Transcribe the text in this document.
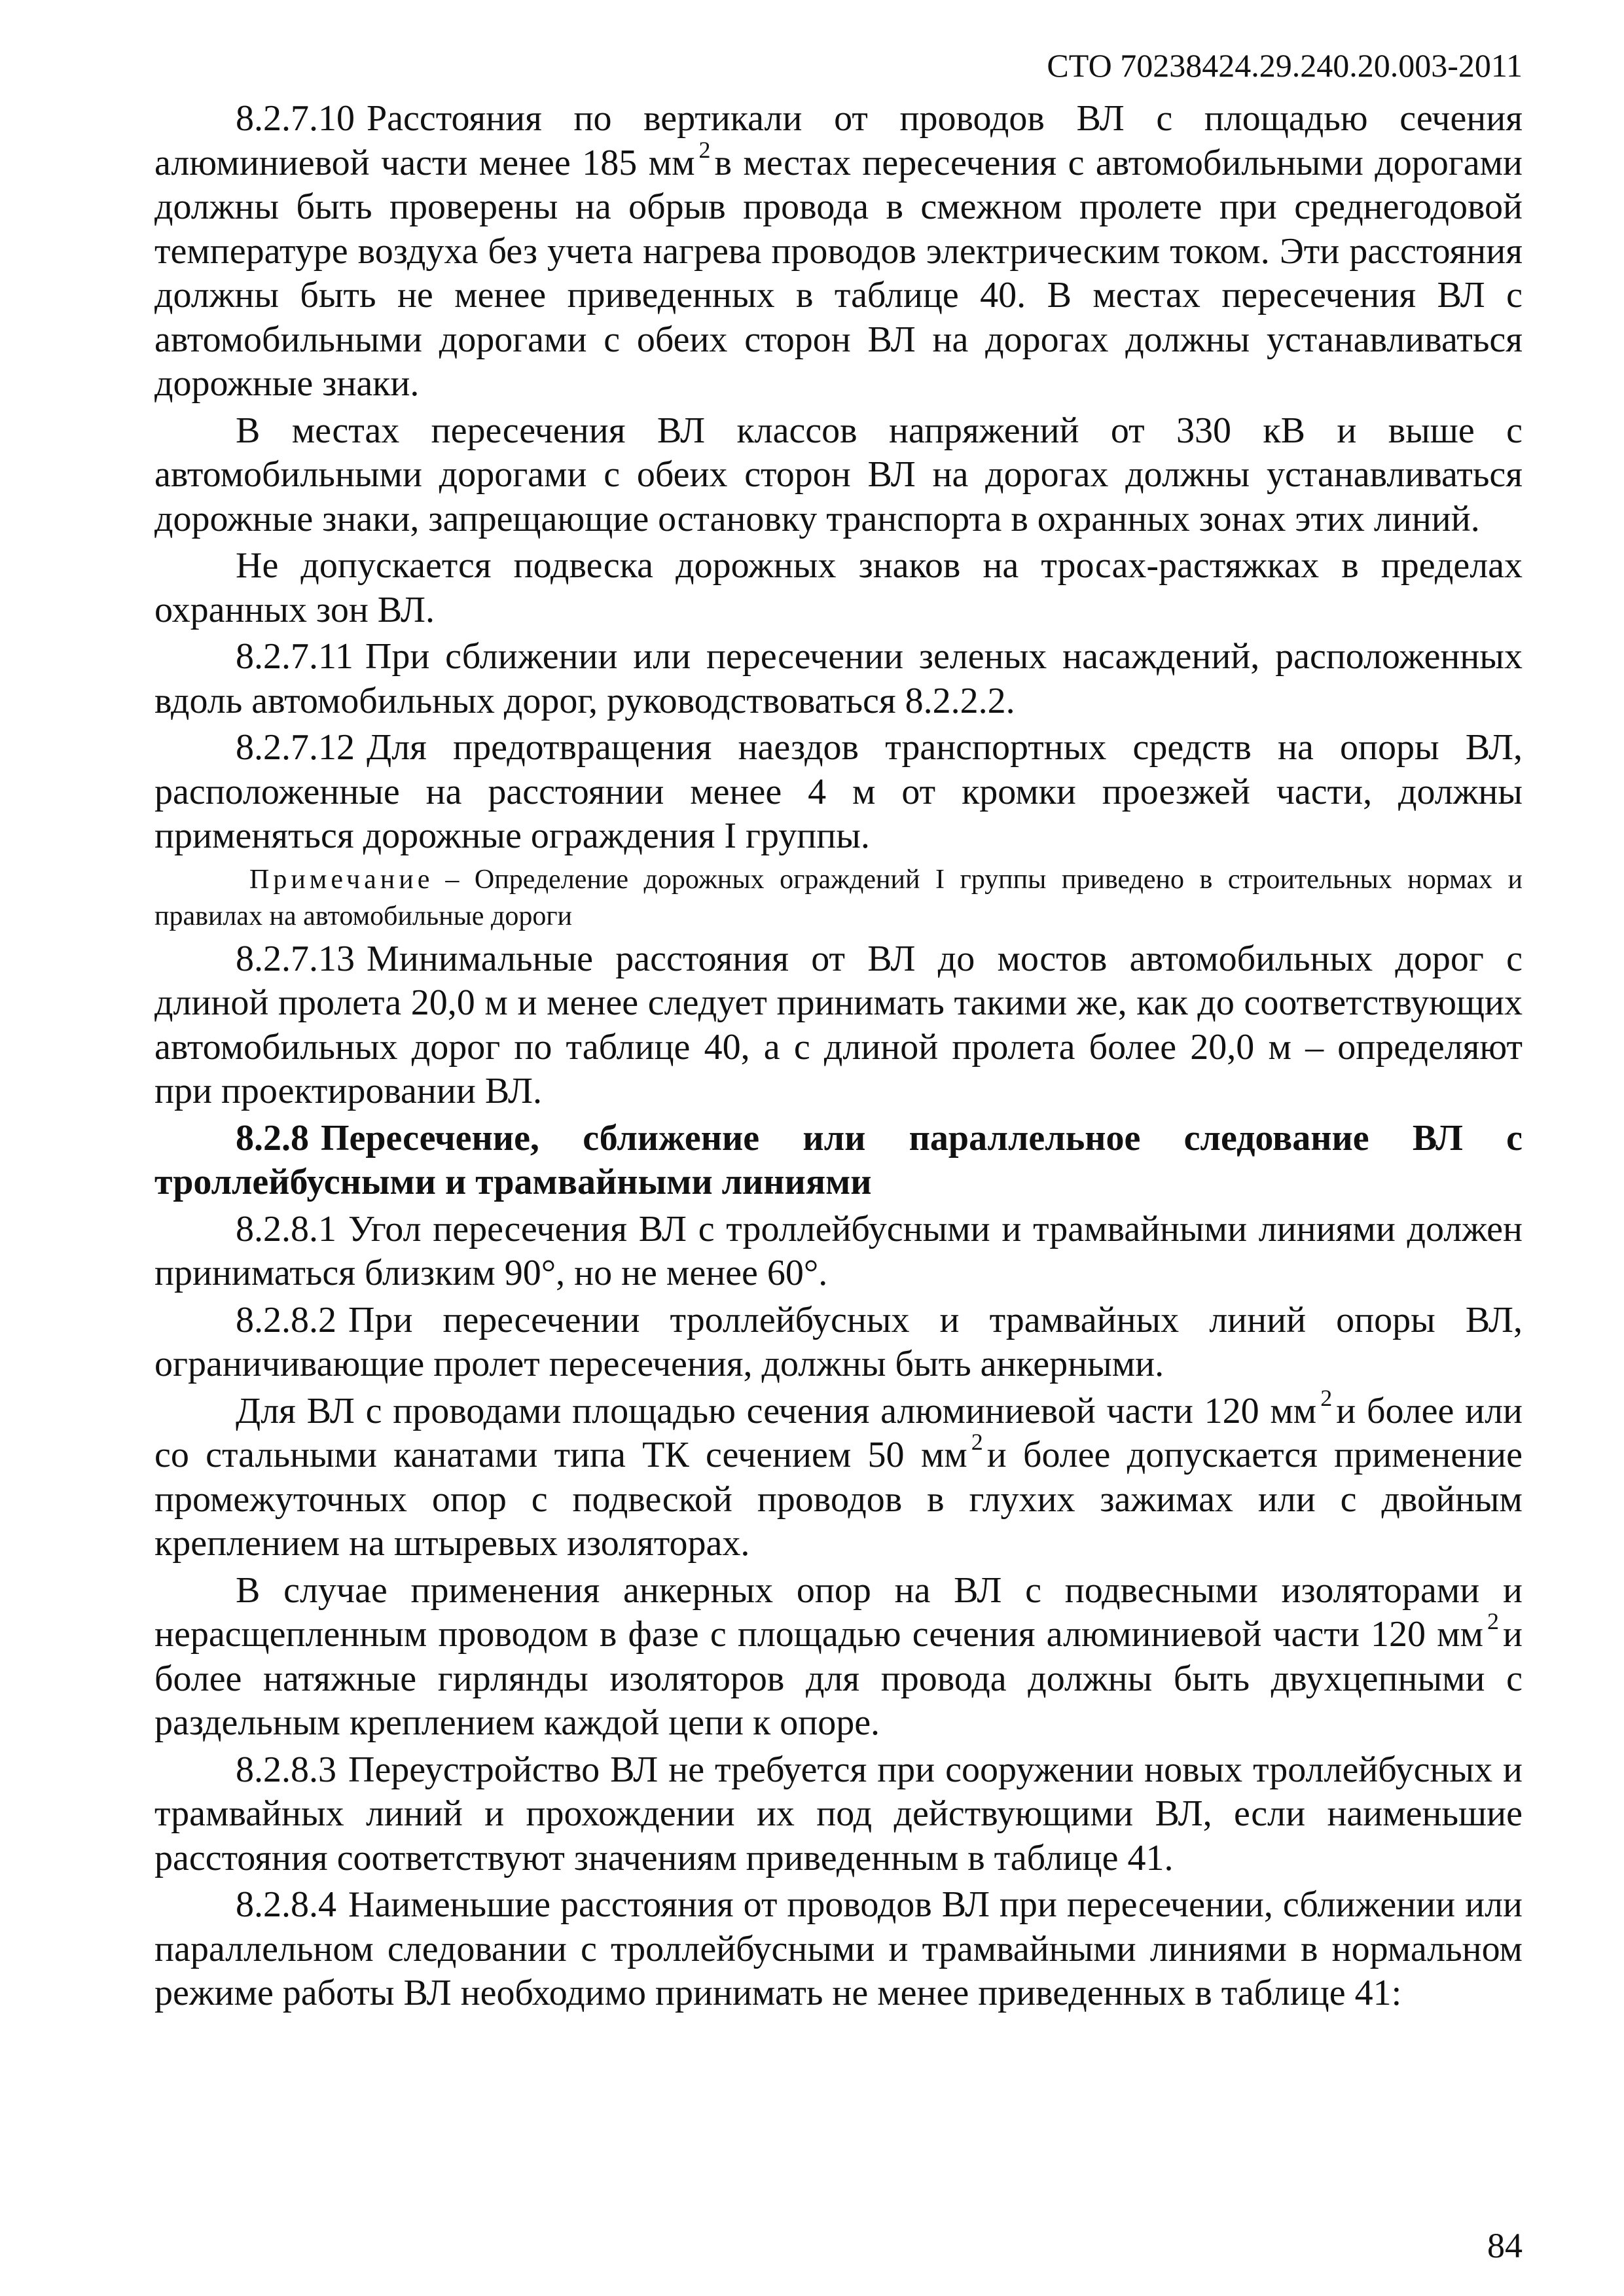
СТО 70238424.29.240.20.003-2011

8.2.7.10 Расстояния по вертикали от проводов ВЛ с площадью сечения алюминиевой части менее 185 мм $^2$ в местах пересечения с автомобильными дорогами должны быть проверены на обрыв провода в смежном пролете при среднегодовой температуре воздуха без учета нагрева проводов электрическим током. Эти расстояния должны быть не менее приведенных в таблице 40. В местах пересечения ВЛ с автомобильными дорогами с обеих сторон ВЛ на дорогах должны устанавливаться дорожные знаки.

В местах пересечения ВЛ классов напряжений от 330 кВ и выше с автомобильными дорогами с обеих сторон ВЛ на дорогах должны устанавливаться дорожные знаки, запрещающие остановку транспорта в охранных зонах этих линий.

Не допускается подвеска дорожных знаков на тросах-растяжках в пределах охранных зон ВЛ.

8.2.7.11 При сближении или пересечении зеленых насаждений, расположенных вдоль автомобильных дорог, руководствоваться 8.2.2.2.

8.2.7.12 Для предотвращения наездов транспортных средств на опоры ВЛ, расположенные на расстоянии менее 4 м от кромки проезжей части, должны применяться дорожные ограждения I группы.

Примечание – Определение дорожных ограждений I группы приведено в строительных нормах и правилах на автомобильные дороги

8.2.7.13 Минимальные расстояния от ВЛ до мостов автомобильных дорог с длиной пролета 20,0 м и менее следует принимать такими же, как до соответствующих автомобильных дорог по таблице 40, а с длиной пролета более 20,0 м – определяют при проектировании ВЛ.

8.2.8 Пересечение, сближение или параллельное следование ВЛ с троллейбусными и трамвайными линиями

8.2.8.1 Угол пересечения ВЛ с троллейбусными и трамвайными линиями должен приниматься близким 90°, но не менее 60°.

8.2.8.2 При пересечении троллейбусных и трамвайных линий опоры ВЛ, ограничивающие пролет пересечения, должны быть анкерными.

Для ВЛ с проводами площадью сечения алюминиевой части 120 мм $^2$ и более или со стальными канатами типа ТК сечением 50 мм $^2$ и более допускается применение промежуточных опор с подвеской проводов в глухих зажимах или с двойным креплением на штыревых изоляторах.

В случае применения анкерных опор на ВЛ с подвесными изоляторами и нерасщепленным проводом в фазе с площадью сечения алюминиевой части 120 мм $^2$ и более натяжные гирлянды изоляторов для провода должны быть двухцепными с раздельным креплением каждой цепи к опоре.

8.2.8.3 Переустройство ВЛ не требуется при сооружении новых троллейбусных и трамвайных линий и прохождении их под действующими ВЛ, если наименьшие расстояния соответствуют значениям приведенным в таблице 41.

8.2.8.4 Наименьшие расстояния от проводов ВЛ при пересечении, сближении или параллельном следовании с троллейбусными и трамвайными линиями в нормальном режиме работы ВЛ необходимо принимать не менее приведенных в таблице 41:

84
